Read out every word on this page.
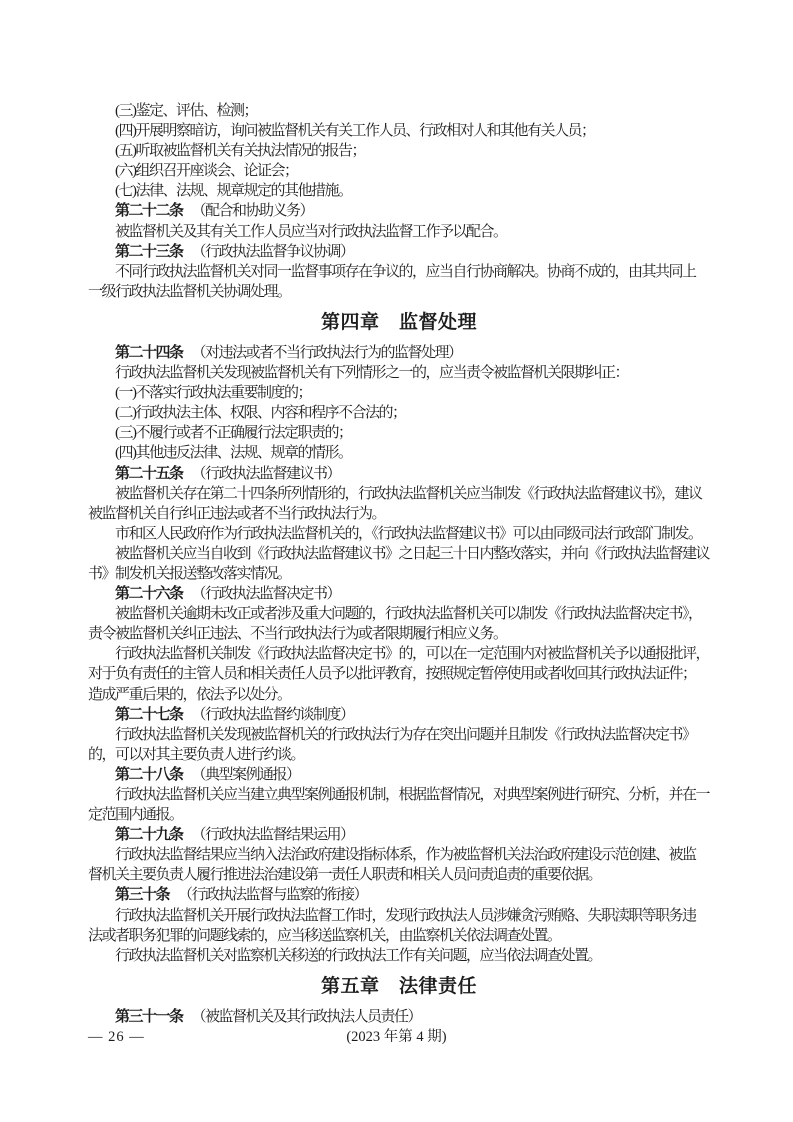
(三)鉴定、评估、检测；
(四)开展明察暗访，询问被监督机关有关工作人员、行政相对人和其他有关人员；
(五)听取被监督机关有关执法情况的报告；
(六)组织召开座谈会、论证会；
(七)法律、法规、规章规定的其他措施。
第二十二条 （配合和协助义务）
被监督机关及其有关工作人员应当对行政执法监督工作予以配合。
第二十三条 （行政执法监督争议协调）
不同行政执法监督机关对同一监督事项存在争议的，应当自行协商解决。协商不成的，由其共同上
一级行政执法监督机关协调处理。
第四章　监督处理
第二十四条 （对违法或者不当行政执法行为的监督处理）
行政执法监督机关发现被监督机关有下列情形之一的，应当责令被监督机关限期纠正：
(一)不落实行政执法重要制度的；
(二)行政执法主体、权限、内容和程序不合法的；
(三)不履行或者不正确履行法定职责的；
(四)其他违反法律、法规、规章的情形。
第二十五条 （行政执法监督建议书）
被监督机关存在第二十四条所列情形的，行政执法监督机关应当制发《行政执法监督建议书》，建议
被监督机关自行纠正违法或者不当行政执法行为。
市和区人民政府作为行政执法监督机关的，《行政执法监督建议书》可以由同级司法行政部门制发。
被监督机关应当自收到《行政执法监督建议书》之日起三十日内整改落实，并向《行政执法监督建议
书》制发机关报送整改落实情况。
第二十六条 （行政执法监督决定书）
被监督机关逾期未改正或者涉及重大问题的，行政执法监督机关可以制发《行政执法监督决定书》，
责令被监督机关纠正违法、不当行政执法行为或者限期履行相应义务。
行政执法监督机关制发《行政执法监督决定书》的，可以在一定范围内对被监督机关予以通报批评，
对于负有责任的主管人员和相关责任人员予以批评教育，按照规定暂停使用或者收回其行政执法证件；
造成严重后果的，依法予以处分。
第二十七条 （行政执法监督约谈制度）
行政执法监督机关发现被监督机关的行政执法行为存在突出问题并且制发《行政执法监督决定书》
的，可以对其主要负责人进行约谈。
第二十八条 （典型案例通报）
行政执法监督机关应当建立典型案例通报机制，根据监督情况，对典型案例进行研究、分析，并在一
定范围内通报。
第二十九条 （行政执法监督结果运用）
行政执法监督结果应当纳入法治政府建设指标体系，作为被监督机关法治政府建设示范创建、被监
督机关主要负责人履行推进法治建设第一责任人职责和相关人员问责追责的重要依据。
第三十条 （行政执法监督与监察的衔接）
行政执法监督机关开展行政执法监督工作时，发现行政执法人员涉嫌贪污贿赂、失职渎职等职务违
法或者职务犯罪的问题线索的，应当移送监察机关，由监察机关依法调查处置。
行政执法监督机关对监察机关移送的行政执法工作有关问题，应当依法调查处置。
第五章　法律责任
第三十一条 （被监督机关及其行政执法人员责任）
(2023 年第 4 期)
— 26 —
